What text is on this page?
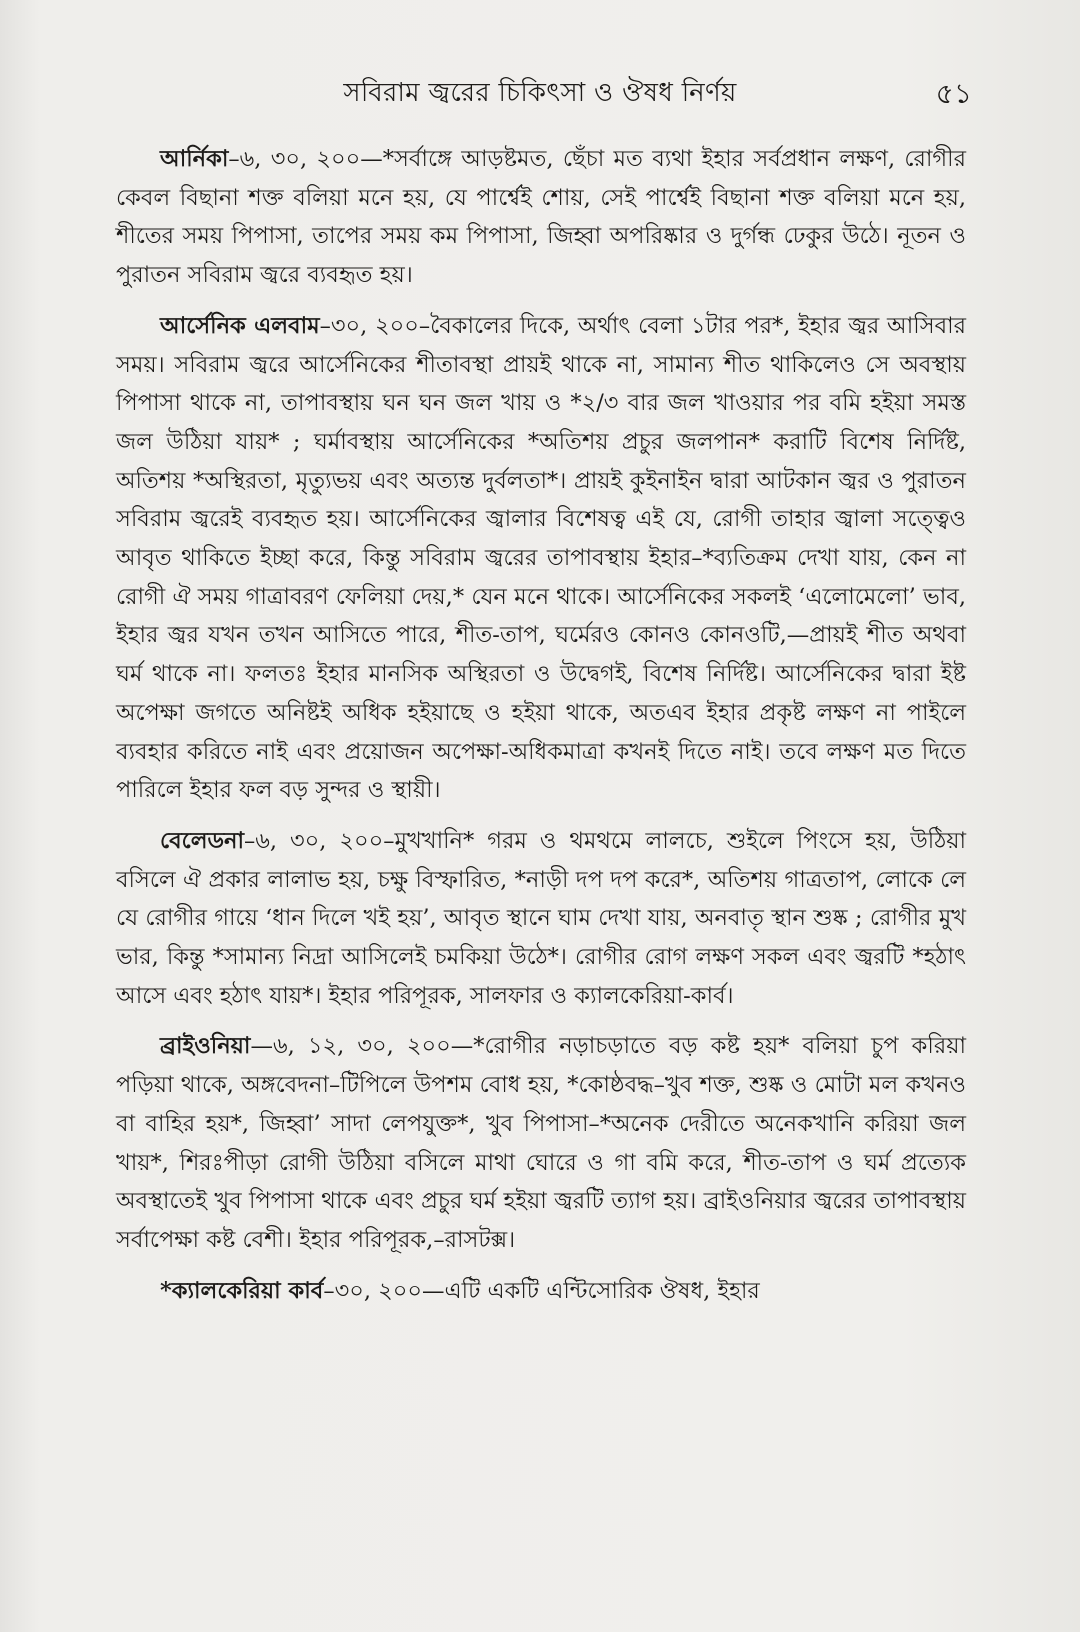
সবিরাম জ্বরের চিকিৎসা ও ঔষধ নির্ণয়	৫১

আর্নিকা–৬, ৩০, ২০০—*সর্বাঙ্গে আড়ষ্টমত, ছেঁচা মত ব্যথা ইহার সর্বপ্রধান লক্ষণ, রোগীর কেবল বিছানা শক্ত বলিয়া মনে হয়, যে পার্শ্বেই শোয়, সেই পার্শ্বেই বিছানা শক্ত বলিয়া মনে হয়, শীতের সময় পিপাসা, তাপের সময় কম পিপাসা, জিহ্বা অপরিষ্কার ও দুর্গন্ধ ঢেকুর উঠে। নূতন ও পুরাতন সবিরাম জ্বরে ব্যবহৃত হয়।

আর্সেনিক এলবাম–৩০, ২০০–বৈকালের দিকে, অর্থাৎ বেলা ১টার পর*, ইহার জ্বর আসিবার সময়। সবিরাম জ্বরে আর্সেনিকের শীতাবস্থা প্রায়ই থাকে না, সামান্য শীত থাকিলেও সে অবস্থায় পিপাসা থাকে না, তাপাবস্থায় ঘন ঘন জল খায় ও *২/৩ বার জল খাওয়ার পর বমি হইয়া সমস্ত জল উঠিয়া যায়* ; ঘর্মাবস্থায় আর্সেনিকের *অতিশয় প্রচুর জলপান* করাটি বিশেষ নির্দিষ্ট, অতিশয় *অস্থিরতা, মৃত্যুভয় এবং অত্যন্ত দুর্বলতা*। প্রায়ই কুইনাইন দ্বারা আটকান জ্বর ও পুরাতন সবিরাম জ্বরেই ব্যবহৃত হয়। আর্সেনিকের জ্বালার বিশেষত্ব এই যে, রোগী তাহার জ্বালা সত্ত্বেও আবৃত থাকিতে ইচ্ছা করে, কিন্তু সবিরাম জ্বরের তাপাবস্থায় ইহার–*ব্যতিক্রম দেখা যায়, কেন না রোগী ঐ সময় গাত্রাবরণ ফেলিয়া দেয়,* যেন মনে থাকে। আর্সেনিকের সকলই ‘এলোমেলো’ ভাব, ইহার জ্বর যখন তখন আসিতে পারে, শীত-তাপ, ঘর্মেরও কোনও কোনওটি,—প্রায়ই শীত অথবা ঘর্ম থাকে না। ফলতঃ ইহার মানসিক অস্থিরতা ও উদ্বেগই, বিশেষ নির্দিষ্ট। আর্সেনিকের দ্বারা ইষ্ট অপেক্ষা জগতে অনিষ্টই অধিক হইয়াছে ও হইয়া থাকে, অতএব ইহার প্রকৃষ্ট লক্ষণ না পাইলে ব্যবহার করিতে নাই এবং প্রয়োজন অপেক্ষা-অধিকমাত্রা কখনই দিতে নাই। তবে লক্ষণ মত দিতে পারিলে ইহার ফল বড় সুন্দর ও স্থায়ী।

বেলেডনা–৬, ৩০, ২০০–মুখখানি* গরম ও থমথমে লালচে, শুইলে পিংসে হয়, উঠিয়া বসিলে ঐ প্রকার লালাভ হয়, চক্ষু বিস্ফারিত, *নাড়ী দপ দপ করে*, অতিশয় গাত্রতাপ, লোকে লে যে রোগীর গায়ে ‘ধান দিলে খই হয়’, আবৃত স্থানে ঘাম দেখা যায়, অনবাতৃ স্থান শুষ্ক ; রোগীর মুখ ভার, কিন্তু *সামান্য নিদ্রা আসিলেই চমকিয়া উঠে*। রোগীর রোগ লক্ষণ সকল এবং জ্বরটি *হঠাৎ আসে এবং হঠাৎ যায়*। ইহার পরিপূরক, সালফার ও ক্যালকেরিয়া-কার্ব।

ব্রাইওনিয়া—৬, ১২, ৩০, ২০০—*রোগীর নড়াচড়াতে বড় কষ্ট হয়* বলিয়া চুপ করিয়া পড়িয়া থাকে, অঙ্গবেদনা–টিপিলে উপশম বোধ হয়, *কোষ্ঠবদ্ধ–খুব শক্ত, শুষ্ক ও মোটা মল কখনও বা বাহির হয়*, জিহ্বা’ সাদা লেপযুক্ত*, খুব পিপাসা–*অনেক দেরীতে অনেকখানি করিয়া জল খায়*, শিরঃপীড়া রোগী উঠিয়া বসিলে মাথা ঘোরে ও গা বমি করে, শীত-তাপ ও ঘর্ম প্রত্যেক অবস্থাতেই খুব পিপাসা থাকে এবং প্রচুর ঘর্ম হইয়া জ্বরটি ত্যাগ হয়। ব্রাইওনিয়ার জ্বরের তাপাবস্থায় সর্বাপেক্ষা কষ্ট বেশী। ইহার পরিপূরক,–রাসটক্স।

*ক্যালকেরিয়া কার্ব–৩০, ২০০—এটি একটি এন্টিসোরিক ঔষধ, ইহার
